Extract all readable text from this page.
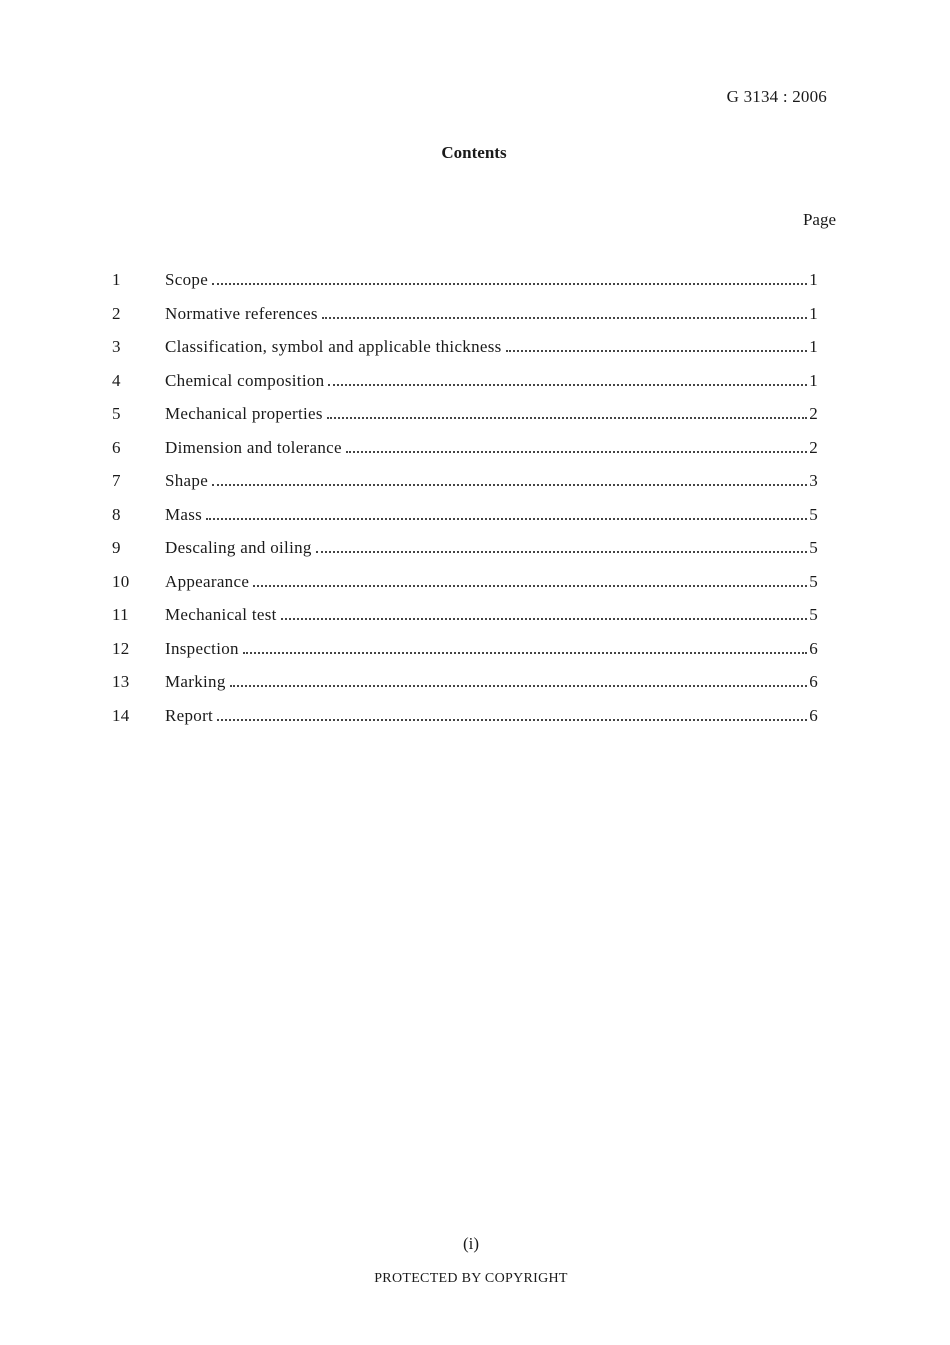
G 3134 : 2006
Contents
Page
1	Scope	1
2	Normative references	1
3	Classification, symbol and applicable thickness	1
4	Chemical composition	1
5	Mechanical properties	2
6	Dimension and tolerance	2
7	Shape	3
8	Mass	5
9	Descaling and oiling	5
10	Appearance	5
11	Mechanical test	5
12	Inspection	6
13	Marking	6
14	Report	6
(i)
PROTECTED BY COPYRIGHT
